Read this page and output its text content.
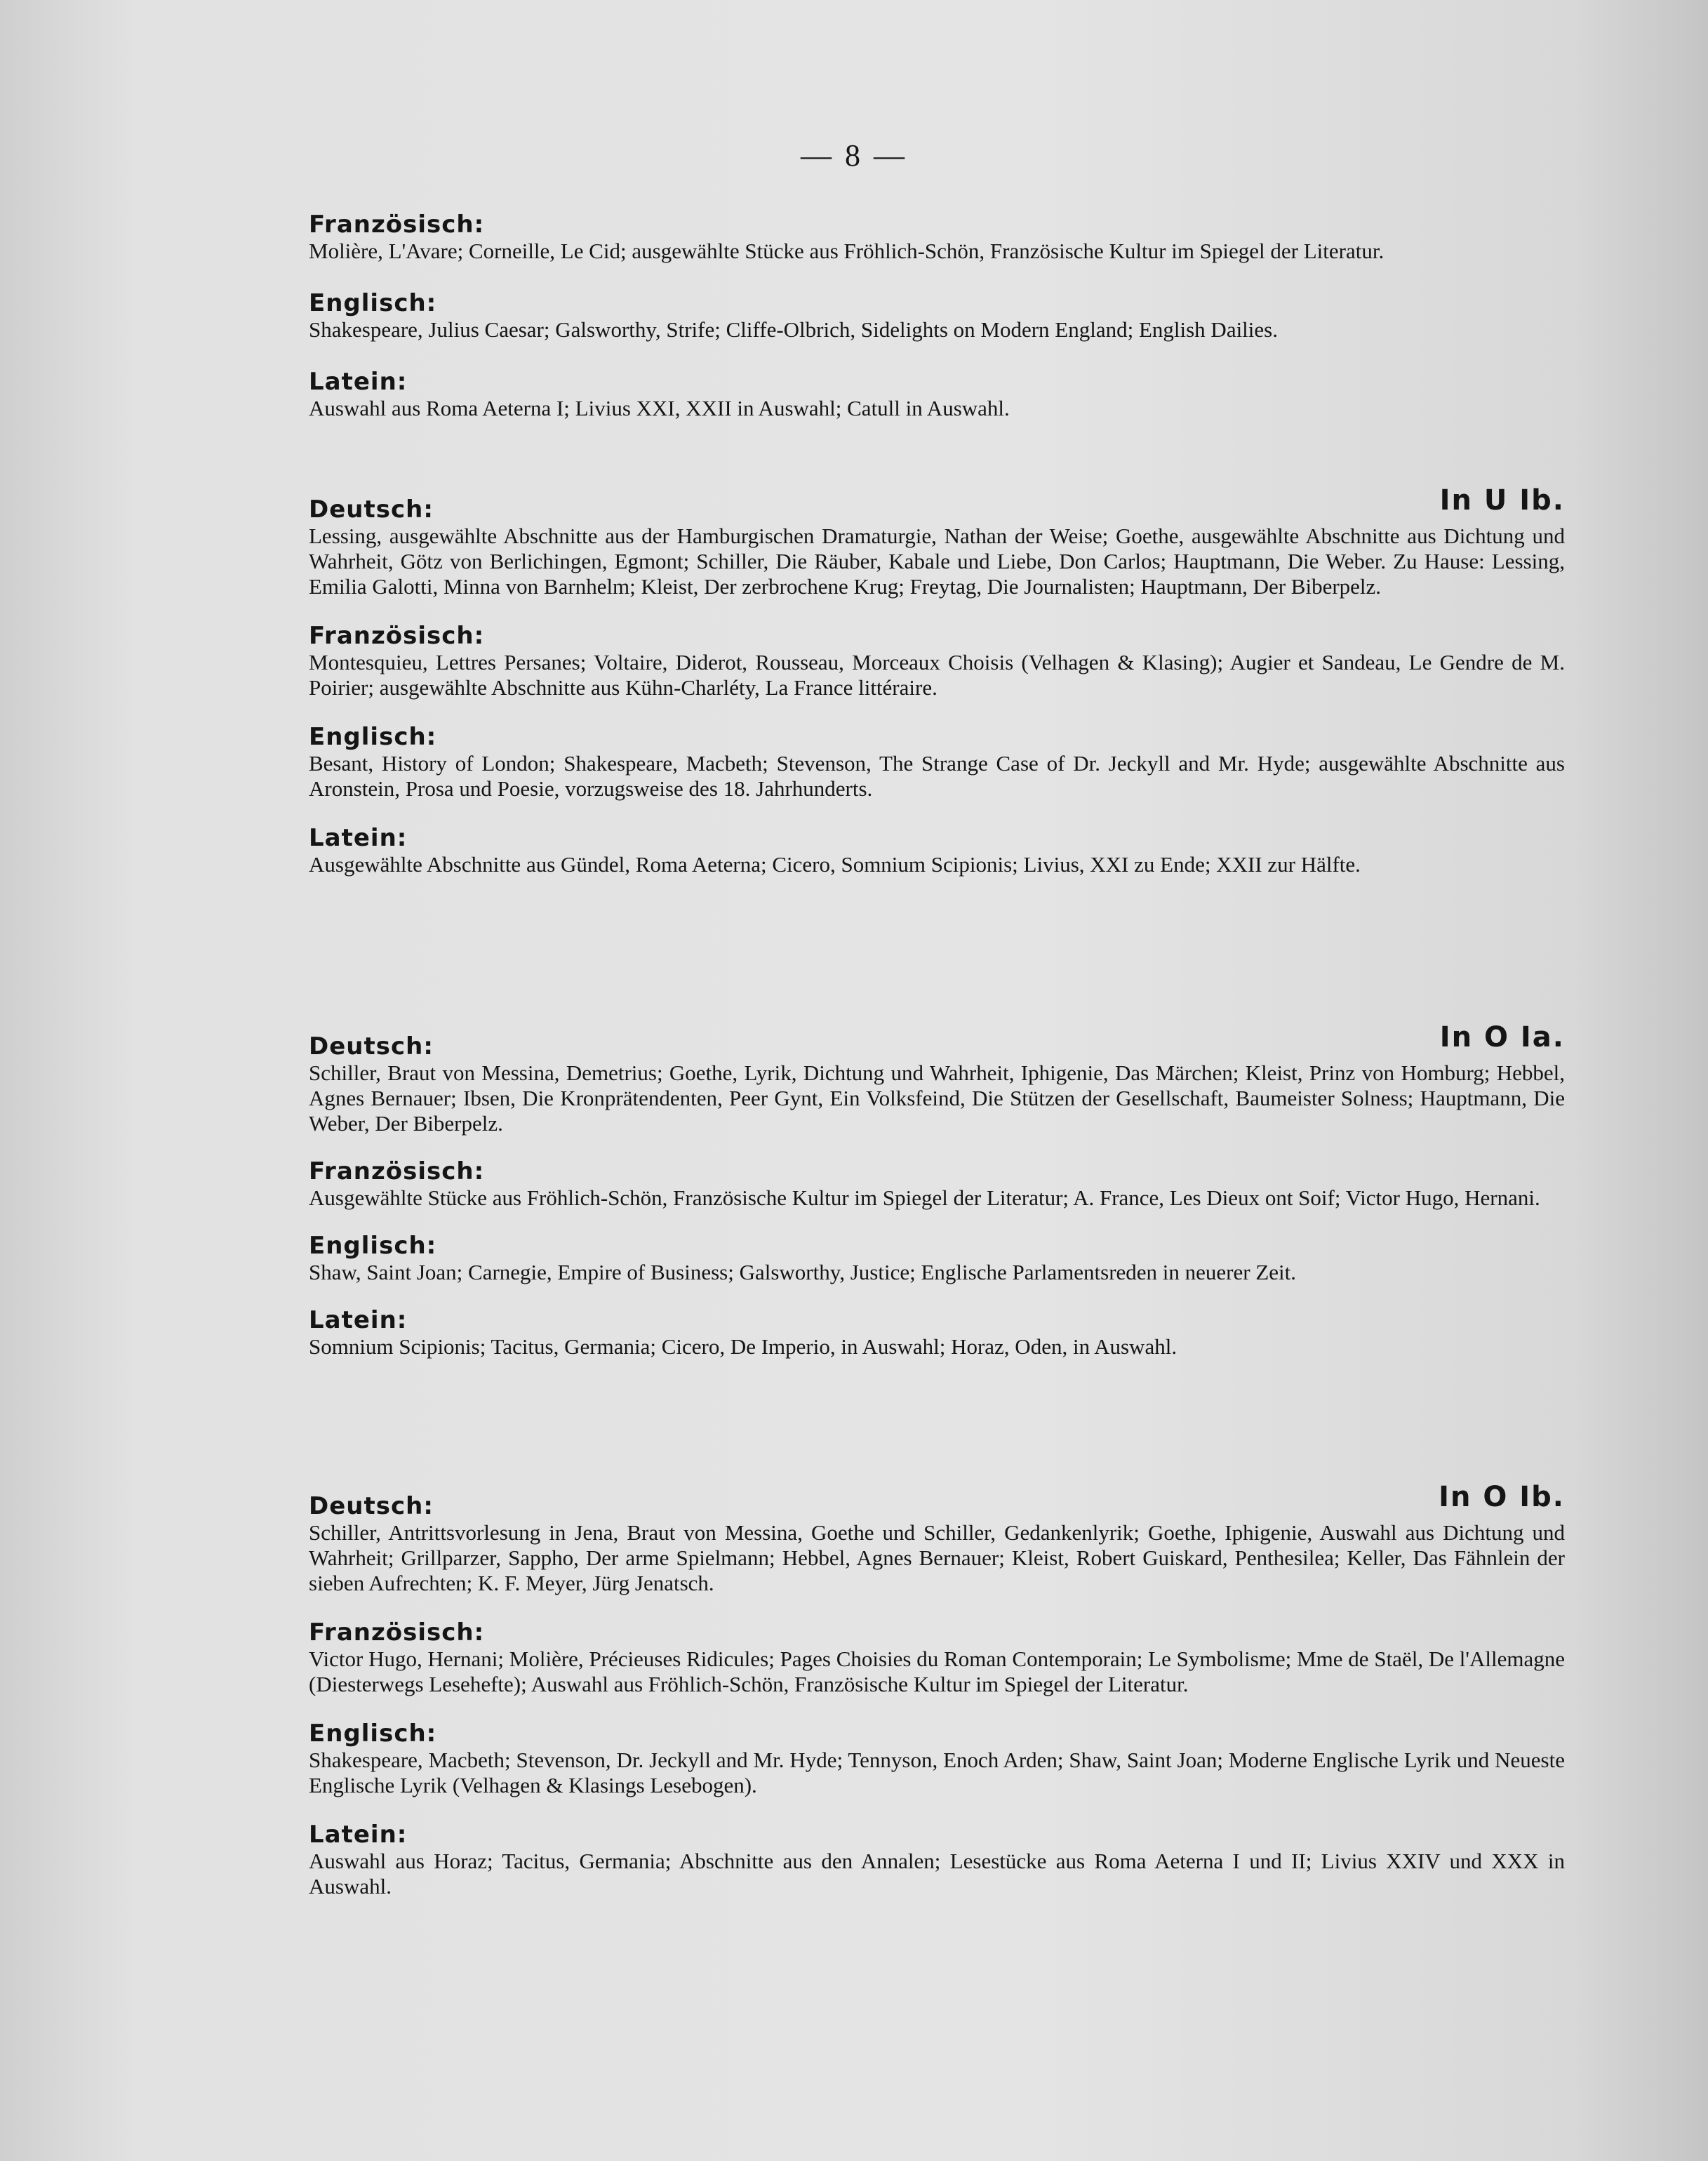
— 8 —
Französisch:
Molière, L'Avare; Corneille, Le Cid; ausgewählte Stücke aus Fröhlich-Schön, Französische Kultur im Spiegel der Literatur.
Englisch:
Shakespeare, Julius Caesar; Galsworthy, Strife; Cliffe-Olbrich, Sidelights on Modern England; English Dailies.
Latein:
Auswahl aus Roma Aeterna I; Livius XXI, XXII in Auswahl; Catull in Auswahl.
In U Ib.
Deutsch:
Lessing, ausgewählte Abschnitte aus der Hamburgischen Dramaturgie, Nathan der Weise; Goethe, ausgewählte Abschnitte aus Dichtung und Wahrheit, Götz von Berlichingen, Egmont; Schiller, Die Räuber, Kabale und Liebe, Don Carlos; Hauptmann, Die Weber. Zu Hause: Lessing, Emilia Galotti, Minna von Barnhelm; Kleist, Der zerbrochene Krug; Freytag, Die Journalisten; Hauptmann, Der Biberpelz.
Französisch:
Montesquieu, Lettres Persanes; Voltaire, Diderot, Rousseau, Morceaux Choisis (Velhagen & Klasing); Augier et Sandeau, Le Gendre de M. Poirier; ausgewählte Abschnitte aus Kühn-Charléty, La France littéraire.
Englisch:
Besant, History of London; Shakespeare, Macbeth; Stevenson, The Strange Case of Dr. Jeckyll and Mr. Hyde; ausgewählte Abschnitte aus Aronstein, Prosa und Poesie, vorzugsweise des 18. Jahrhunderts.
Latein:
Ausgewählte Abschnitte aus Gündel, Roma Aeterna; Cicero, Somnium Scipionis; Livius, XXI zu Ende; XXII zur Hälfte.
In O Ia.
Deutsch:
Schiller, Braut von Messina, Demetrius; Goethe, Lyrik, Dichtung und Wahrheit, Iphigenie, Das Märchen; Kleist, Prinz von Homburg; Hebbel, Agnes Bernauer; Ibsen, Die Kronprätendenten, Peer Gynt, Ein Volksfeind, Die Stützen der Gesellschaft, Baumeister Solness; Hauptmann, Die Weber, Der Biberpelz.
Französisch:
Ausgewählte Stücke aus Fröhlich-Schön, Französische Kultur im Spiegel der Literatur; A. France, Les Dieux ont Soif; Victor Hugo, Hernani.
Englisch:
Shaw, Saint Joan; Carnegie, Empire of Business; Galsworthy, Justice; Englische Parlamentsreden in neuerer Zeit.
Latein:
Somnium Scipionis; Tacitus, Germania; Cicero, De Imperio, in Auswahl; Horaz, Oden, in Auswahl.
In O Ib.
Deutsch:
Schiller, Antrittsvorlesung in Jena, Braut von Messina, Goethe und Schiller, Gedankenlyrik; Goethe, Iphigenie, Auswahl aus Dichtung und Wahrheit; Grillparzer, Sappho, Der arme Spielmann; Hebbel, Agnes Bernauer; Kleist, Robert Guiskard, Penthesilea; Keller, Das Fähnlein der sieben Aufrechten; K. F. Meyer, Jürg Jenatsch.
Französisch:
Victor Hugo, Hernani; Molière, Précieuses Ridicules; Pages Choisies du Roman Contemporain; Le Symbolisme; Mme de Staël, De l'Allemagne (Diesterwegs Lesehefte); Auswahl aus Fröhlich-Schön, Französische Kultur im Spiegel der Literatur.
Englisch:
Shakespeare, Macbeth; Stevenson, Dr. Jeckyll and Mr. Hyde; Tennyson, Enoch Arden; Shaw, Saint Joan; Moderne Englische Lyrik und Neueste Englische Lyrik (Velhagen & Klasings Lesebogen).
Latein:
Auswahl aus Horaz; Tacitus, Germania; Abschnitte aus den Annalen; Lesestücke aus Roma Aeterna I und II; Livius XXIV und XXX in Auswahl.
